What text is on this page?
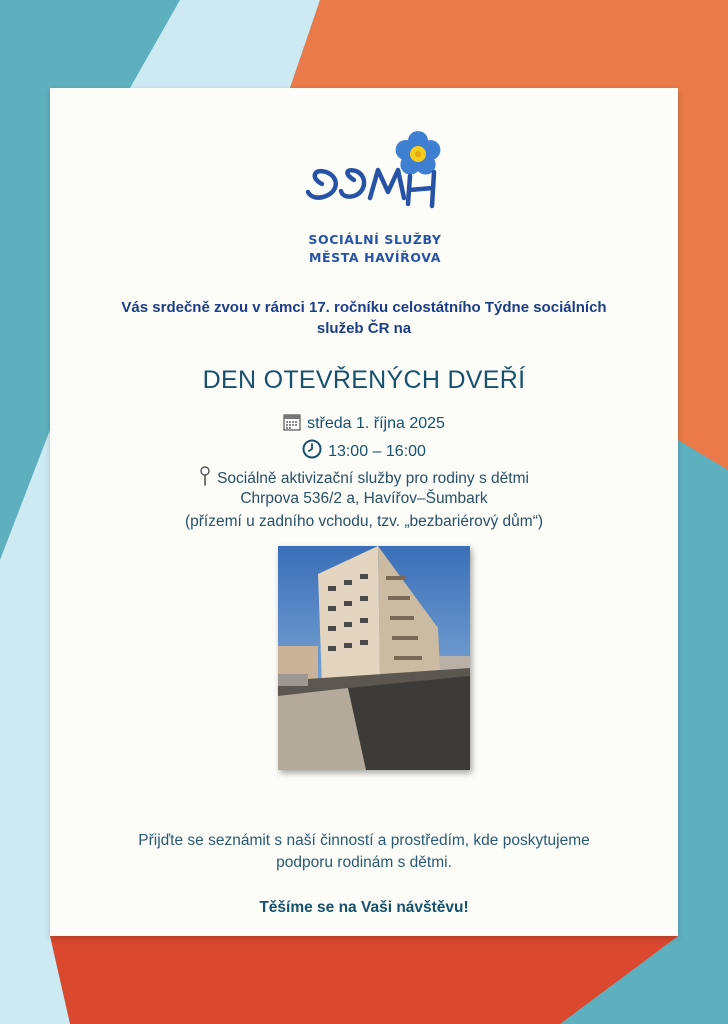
SOCIÁLNÍ SLUŽBY
MĚSTA HAVÍŘOVA
Vás srdečně zvou v rámci 17. ročníku celostátního Týdne sociálních
služeb ČR na
DEN OTEVŘENÝCH DVEŘÍ
středa 1. října 2025
13:00 – 16:00
Sociálně aktivizační služby pro rodiny s dětmi
Chrpova 536/2 a, Havířov–Šumbark
(přízemí u zadního vchodu, tzv. „bezbariérový dům“)
Přijďte se seznámit s naší činností a prostředím, kde poskytujeme
podporu rodinám s dětmi.
Těšíme se na Vaši návštěvu!
